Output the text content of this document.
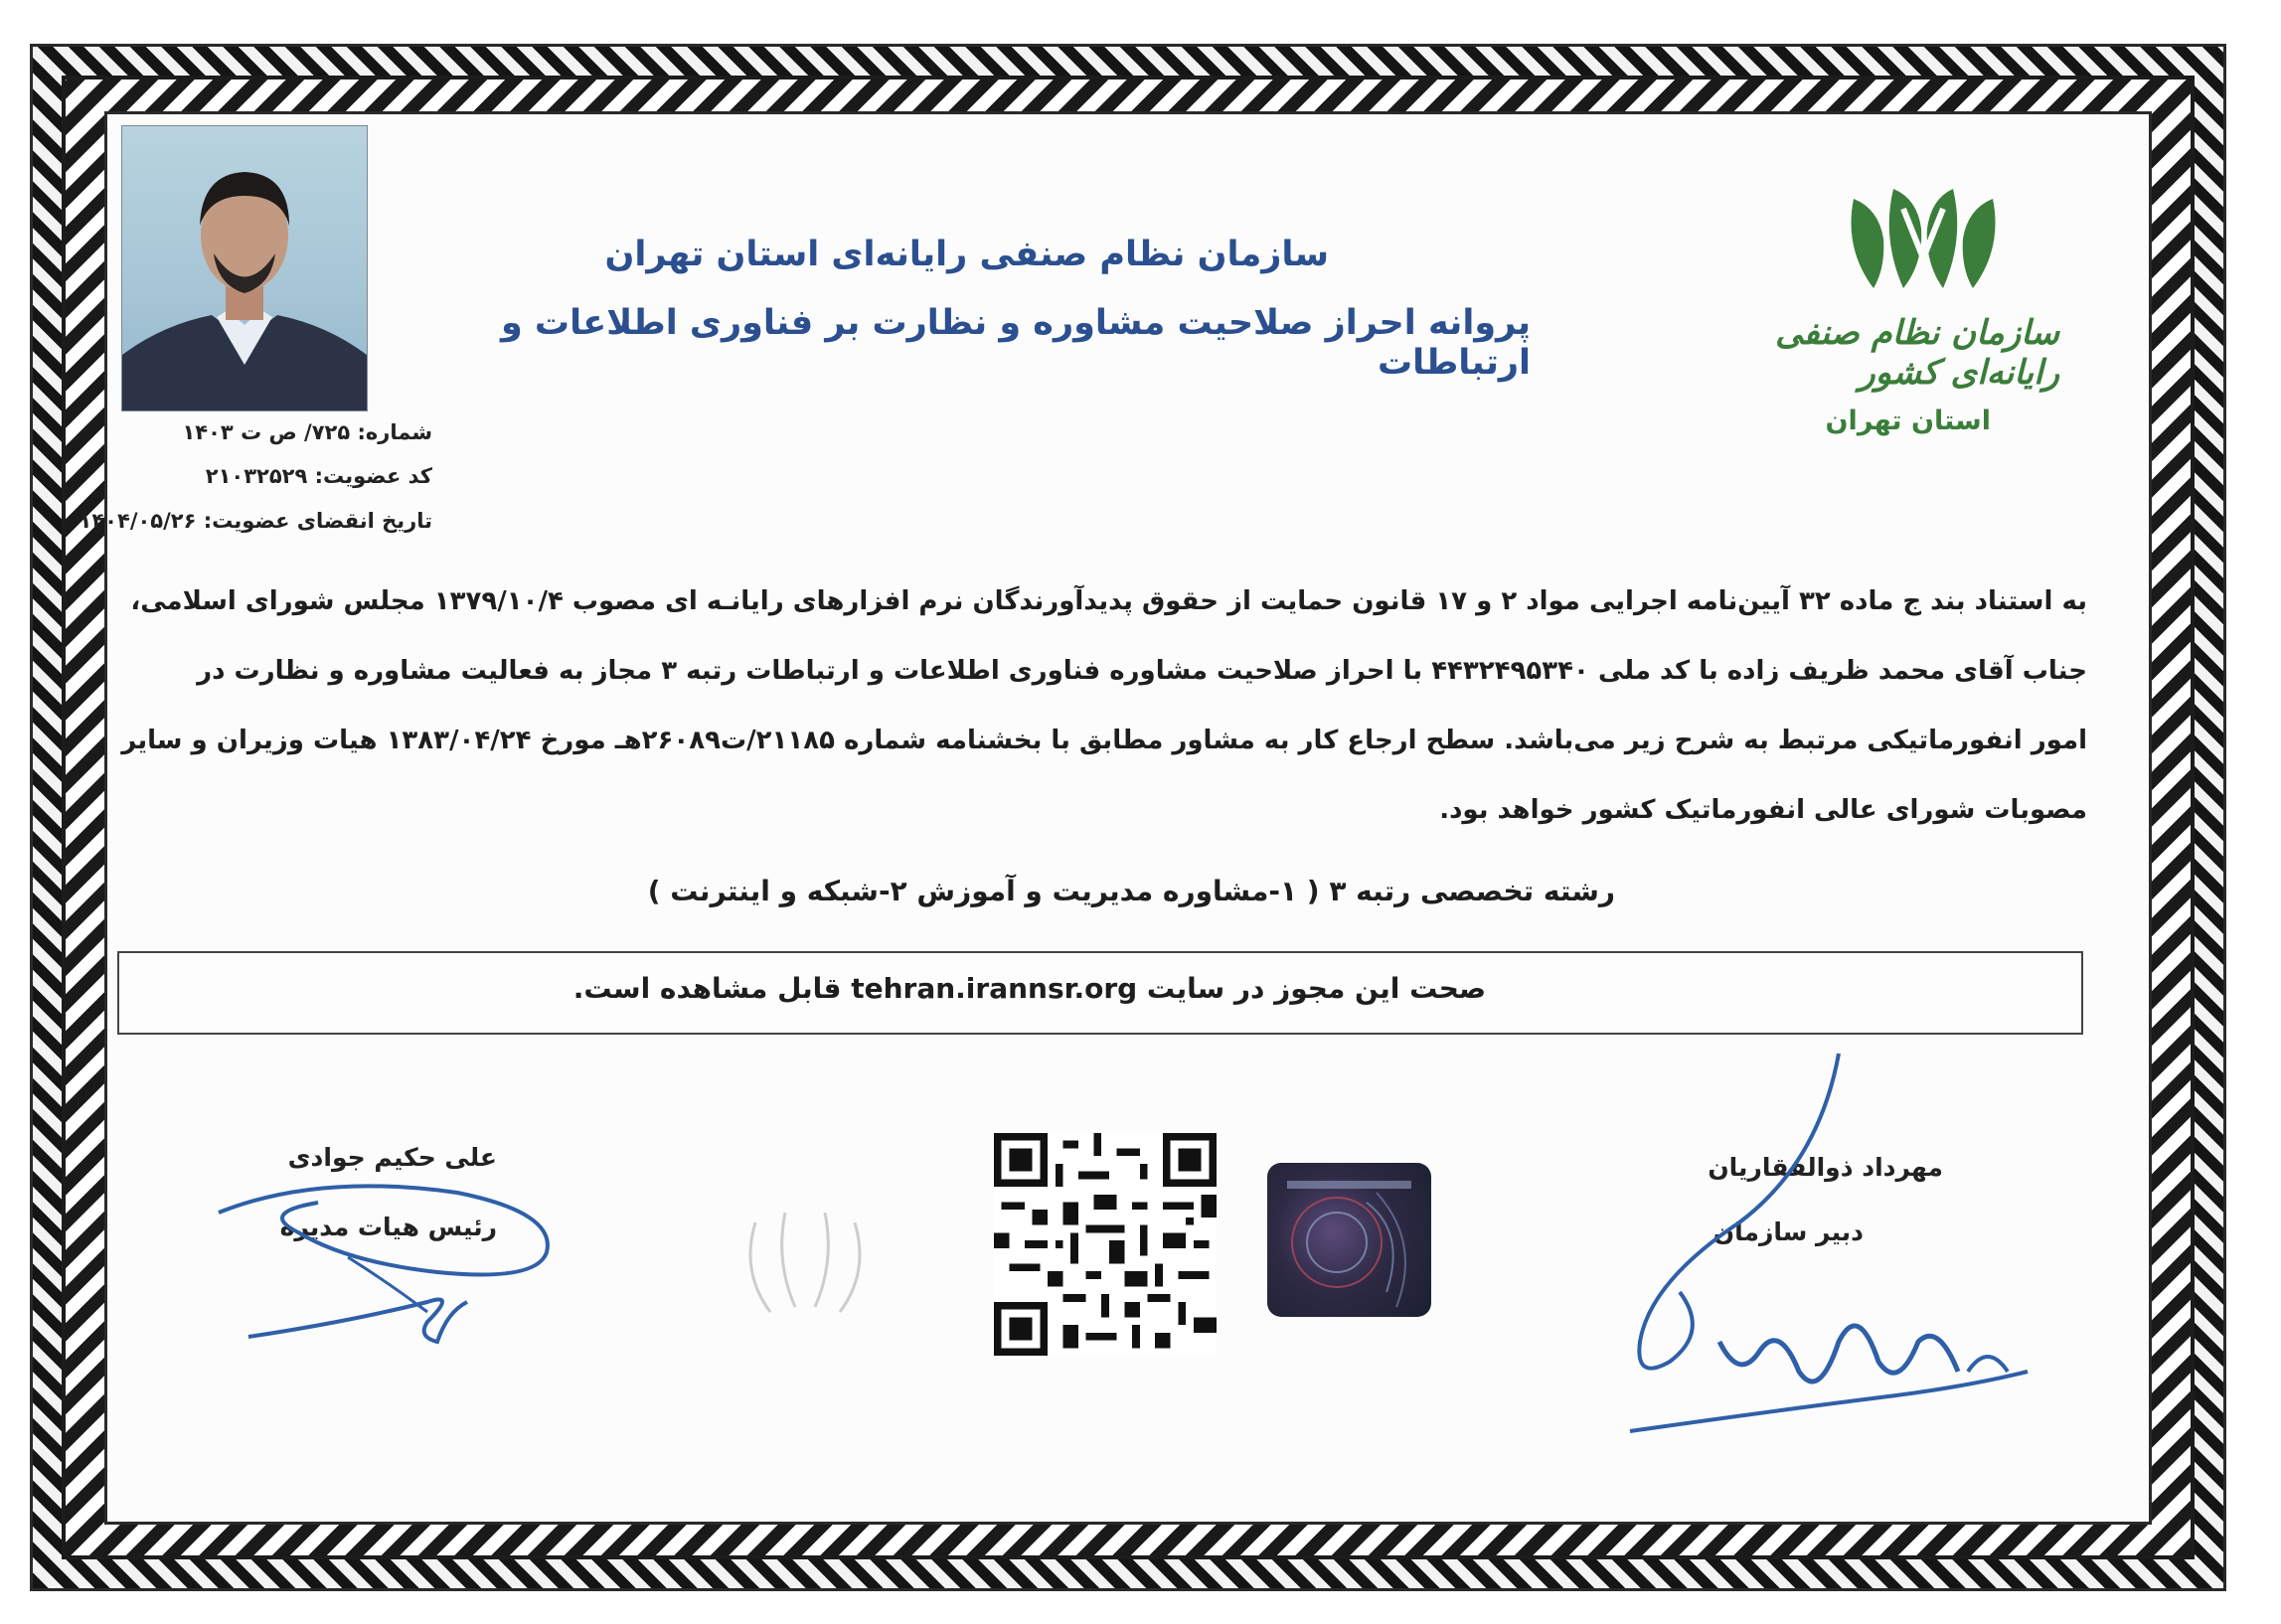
سازمان نظام صنفی رایانه‌ای استان تهران
پروانه احراز صلاحیت مشاوره و نظارت بر فناوری اطلاعات و ارتباطات
سازمان نظام صنفی رایانه‌ای کشور
استان تهران
شماره: ۷۲۵/ ص ت ۱۴۰۳
کد عضویت: ۲۱۰۳۲۵۲۹
تاریخ انقضای عضویت: ۱۴۰۴/۰۵/۲۶
به استناد بند ج ماده ۳۲ آیین‌نامه اجرایی مواد ۲ و ۱۷ قانون حمایت از حقوق پدیدآورندگان نرم افزارهای رایانـه ای مصوب ۱۳۷۹/۱۰/۴ مجلس شورای اسلامی،
جناب آقای محمد ظریف زاده با کد ملی ۴۴۳۲۴۹۵۳۴۰ با احراز صلاحیت مشاوره فناوری اطلاعات و ارتباطات رتبه ۳ مجاز به فعالیت مشاوره و نظارت در
امور انفورماتیکی مرتبط به شرح زیر می‌باشد. سطح ارجاع کار به مشاور مطابق با بخشنامه شماره ۲۱۱۸۵/ت۲۶۰۸۹هـ مورخ ۱۳۸۳/۰۴/۲۴ هیات وزیران و سایر
مصوبات شورای عالی انفورماتیک کشور خواهد بود.
رشته تخصصی رتبه ۳ ( ۱-مشاوره مدیریت و آموزش ۲-شبکه و اینترنت )
صحت این مجوز در سایت tehran.irannsr.org قابل مشاهده است.
علی حکیم جوادی
رئیس هیات مدیره
مهرداد ذوالفقاریان
دبیر سازمان
